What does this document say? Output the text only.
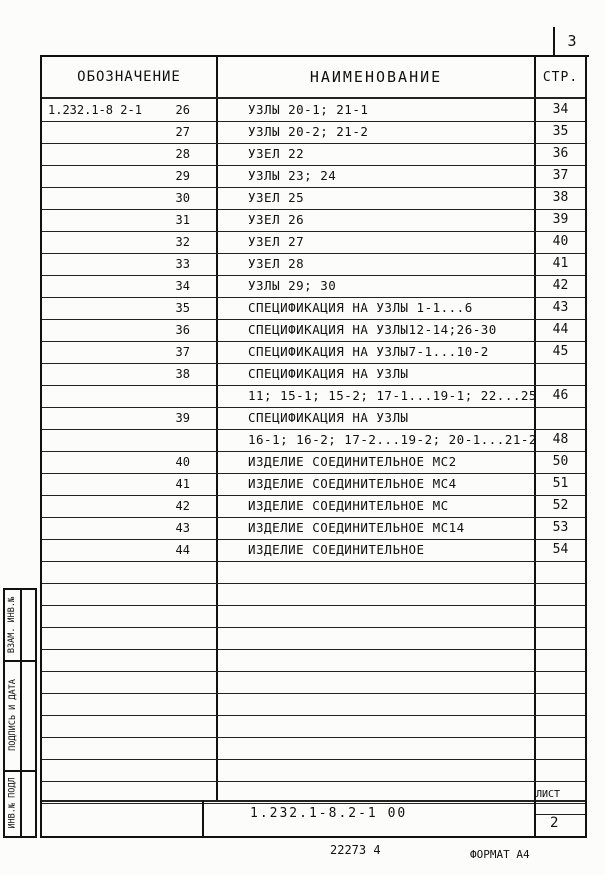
3
ОБОЗНАЧЕНИЕ	НАИМЕНОВАНИЕ	СТР.
1.232.1-8 2-1	26	УЗЛЫ 20-1; 21-1	34
27	УЗЛЫ 20-2; 21-2	35
28	УЗЕЛ 22	36
29	УЗЛЫ 23; 24	37
30	УЗЕЛ 25	38
31	УЗЕЛ 26	39
32	УЗЕЛ 27	40
33	УЗЕЛ 28	41
34	УЗЛЫ 29; 30	42
35	СПЕЦИФИКАЦИЯ НА УЗЛЫ 1-1...6	43
36	СПЕЦИФИКАЦИЯ НА УЗЛЫ12-14;26-30	44
37	СПЕЦИФИКАЦИЯ НА УЗЛЫ7-1...10-2	45
38	СПЕЦИФИКАЦИЯ НА УЗЛЫ
11; 15-1; 15-2; 17-1...19-1; 22...25	46
39	СПЕЦИФИКАЦИЯ НА УЗЛЫ
16-1; 16-2; 17-2...19-2; 20-1...21-2	48
40	ИЗДЕЛИЕ СОЕДИНИТЕЛЬНОЕ МС2	50
41	ИЗДЕЛИЕ СОЕДИНИТЕЛЬНОЕ МС4	51
42	ИЗДЕЛИЕ СОЕДИНИТЕЛЬНОЕ МС	52
43	ИЗДЕЛИЕ СОЕДИНИТЕЛЬНОЕ МС14	53
44	ИЗДЕЛИЕ СОЕДИНИТЕЛЬНОЕ	54
1.232.1-8.2-1 00
ЛИСТ
2
ВЗАМ. ИНВ.№
ПОДПИСЬ И ДАТА
ИНВ.№ ПОДЛ
22273 4	ФОРМАТ А4
